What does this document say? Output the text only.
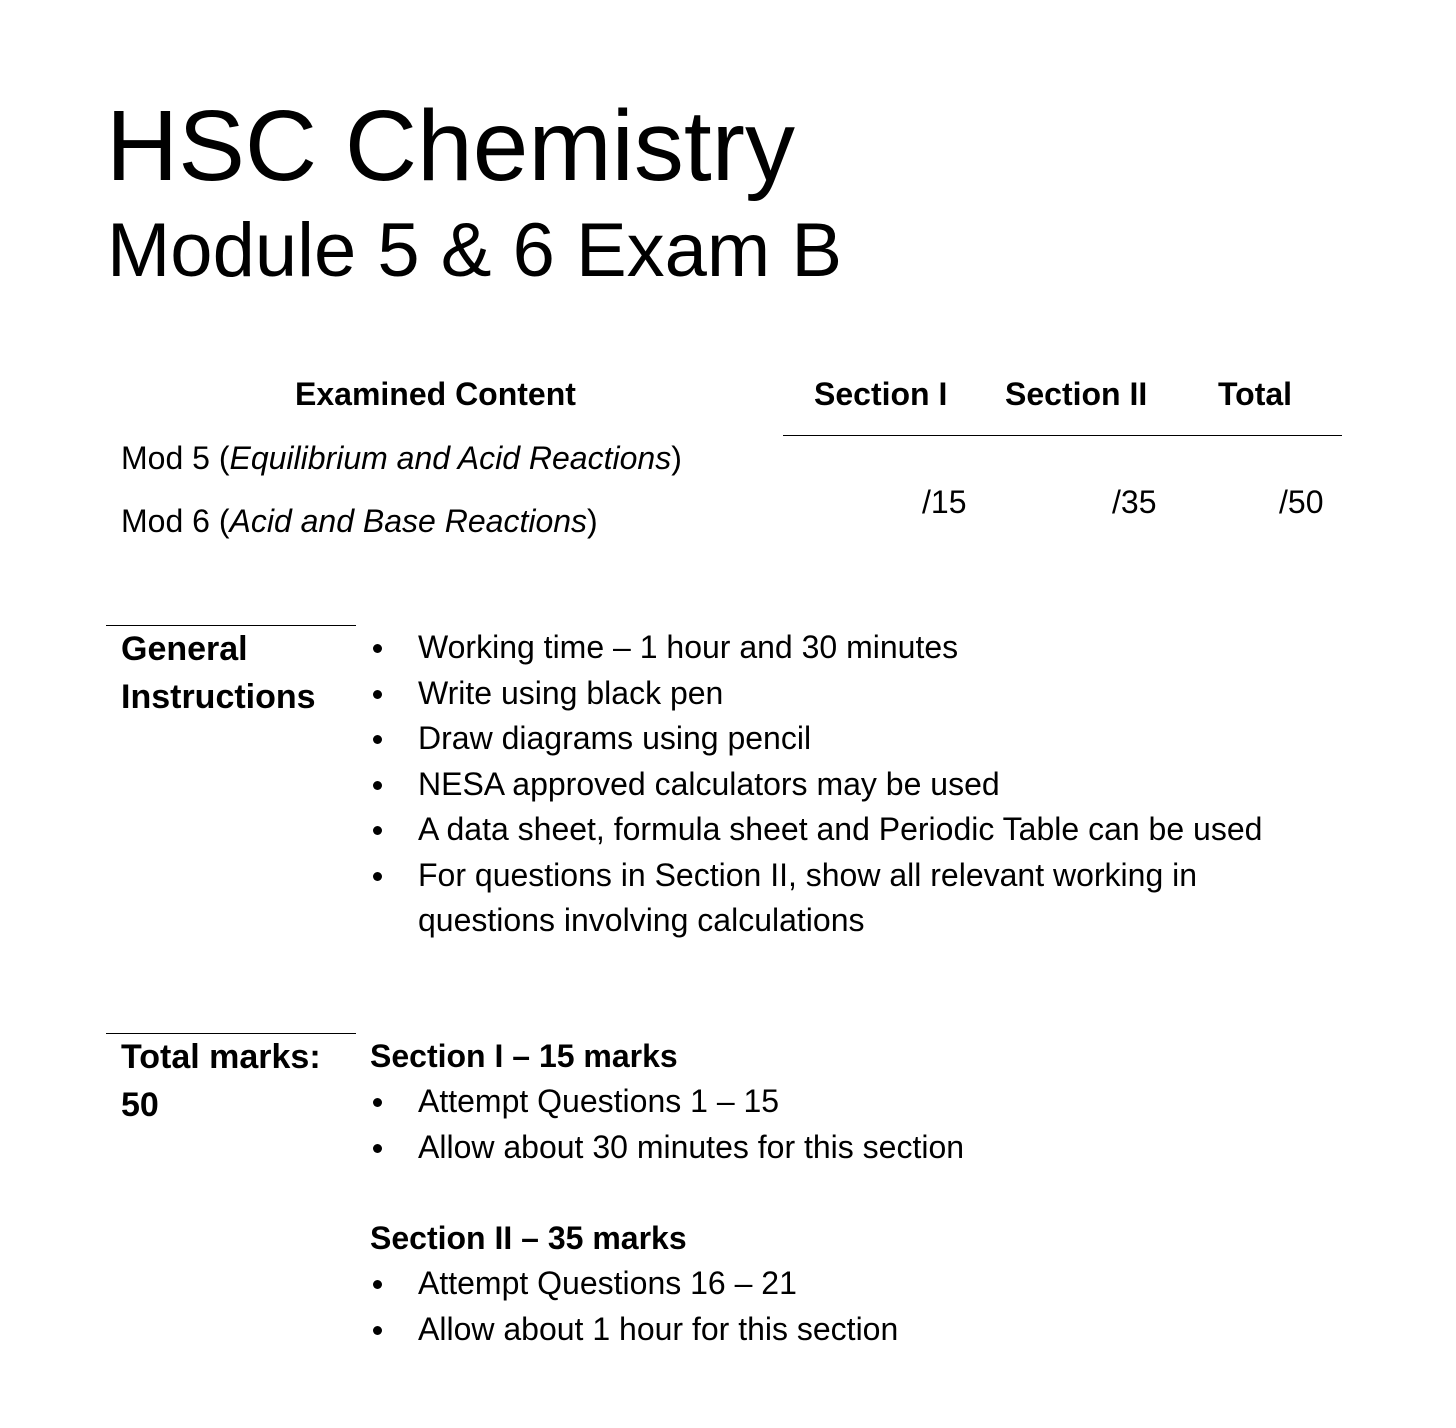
HSC Chemistry
Module 5 & 6 Exam B
Examined Content	Section I Section II Total
Mod 5 (Equilibrium and Acid Reactions)
Mod 6 (Acid and Base Reactions)
/15	/35	/50
General Instructions
Working time – 1 hour and 30 minutes
Write using black pen
Draw diagrams using pencil
NESA approved calculators may be used
A data sheet, formula sheet and Periodic Table can be used
For questions in Section II, show all relevant working in questions involving calculations
Total marks: 50
Section I – 15 marks
Attempt Questions 1 – 15
Allow about 30 minutes for this section
Section II – 35 marks
Attempt Questions 16 – 21
Allow about 1 hour for this section
